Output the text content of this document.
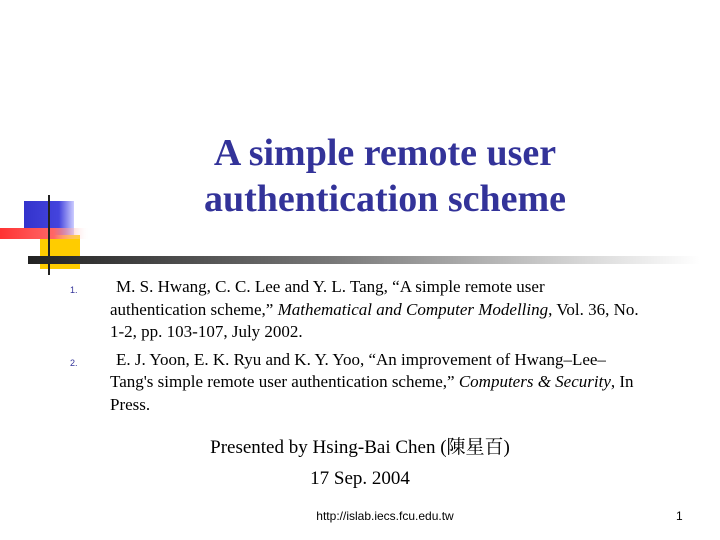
A simple remote user
authentication scheme
1. M. S. Hwang, C. C. Lee and Y. L. Tang, “A simple remote user authentication scheme,” Mathematical and Computer Modelling, Vol. 36, No. 1-2, pp. 103-107, July 2002.
2. E. J. Yoon, E. K. Ryu and K. Y. Yoo, “An improvement of Hwang–Lee–Tang's simple remote user authentication scheme,” Computers & Security, In Press.
Presented by Hsing-Bai Chen (陳星百)
17 Sep. 2004
http://islab.iecs.fcu.edu.tw	1
